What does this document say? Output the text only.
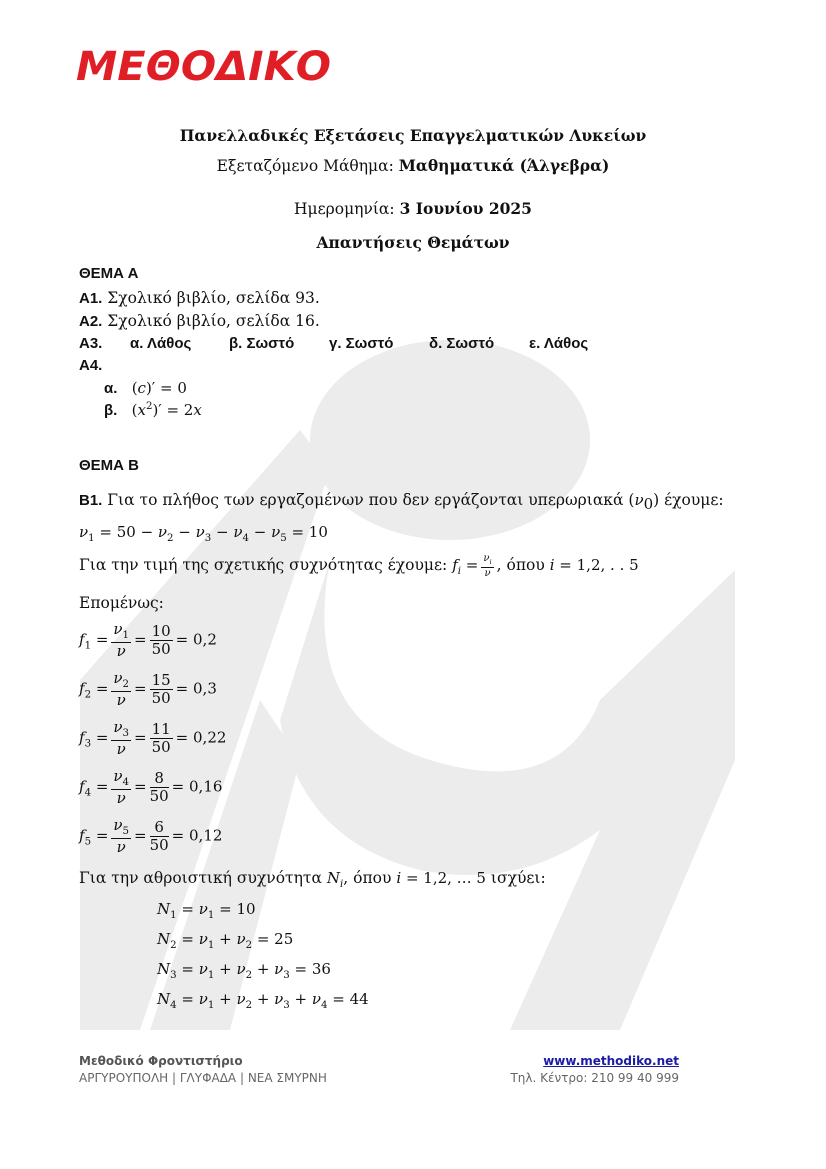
ΜΕΘΟΔΙΚΟ
Πανελλαδικές Εξετάσεις Επαγγελματικών Λυκείων
Εξεταζόμενο Μάθημα: Μαθηματικά (Άλγεβρα)
Ημερομηνία: 3 Ιουνίου 2025
Απαντήσεις Θεμάτων
ΘΕΜΑ Α
Α1. Σχολικό βιβλίο, σελίδα 93.
Α2. Σχολικό βιβλίο, σελίδα 16.
Α3. α. Λάθος	β. Σωστό γ. Σωστό δ. Σωστό ε. Λάθος
Α4.
α.   (c)′ = 0
β.   $(x^2)' = 2x$
ΘΕΜΑ Β
Β1. Για το πλήθος των εργαζομένων που δεν εργάζονται υπερωριακά $(\nu_0)$ έχουμε:
$\nu_1 = 50 - \nu_2 - \nu_3 - \nu_4 - \nu_5 = 10$
Για την τιμή της σχετικής συχνότητας έχουμε: $f_i = \frac{\nu_i}{\nu}$ , όπου i = 1,2, . . 5
Επομένως:
$f_1 = \frac{\nu_1}{\nu} = \frac{10}{50} = 0,2$
$f_2 = \frac{\nu_2}{\nu} = \frac{15}{50} = 0,3$
$f_3 = \frac{\nu_3}{\nu} = \frac{11}{50} = 0,22$
$f_4 = \frac{\nu_4}{\nu} = \frac{8}{50} = 0,16$
$f_5 = \frac{\nu_5}{\nu} = \frac{6}{50} = 0,12$
Για την αθροιστική συχνότητα $N_i$, όπου i = 1,2, … 5 ισχύει:
$N_1 = \nu_1 = 10$
$N_2 = \nu_1 + \nu_2 = 25$
$N_3 = \nu_1 + \nu_2 + \nu_3 = 36$
$N_4 = \nu_1 + \nu_2 + \nu_3 + \nu_4 = 44$
Μεθοδικό Φροντιστήριο
ΑΡΓΥΡΟΥΠΟΛΗ | ΓΛΥΦΑΔΑ | ΝΕΑ ΣΜΥΡΝΗ
www.methodiko.net
Τηλ. Κέντρο: 210 99 40 999
